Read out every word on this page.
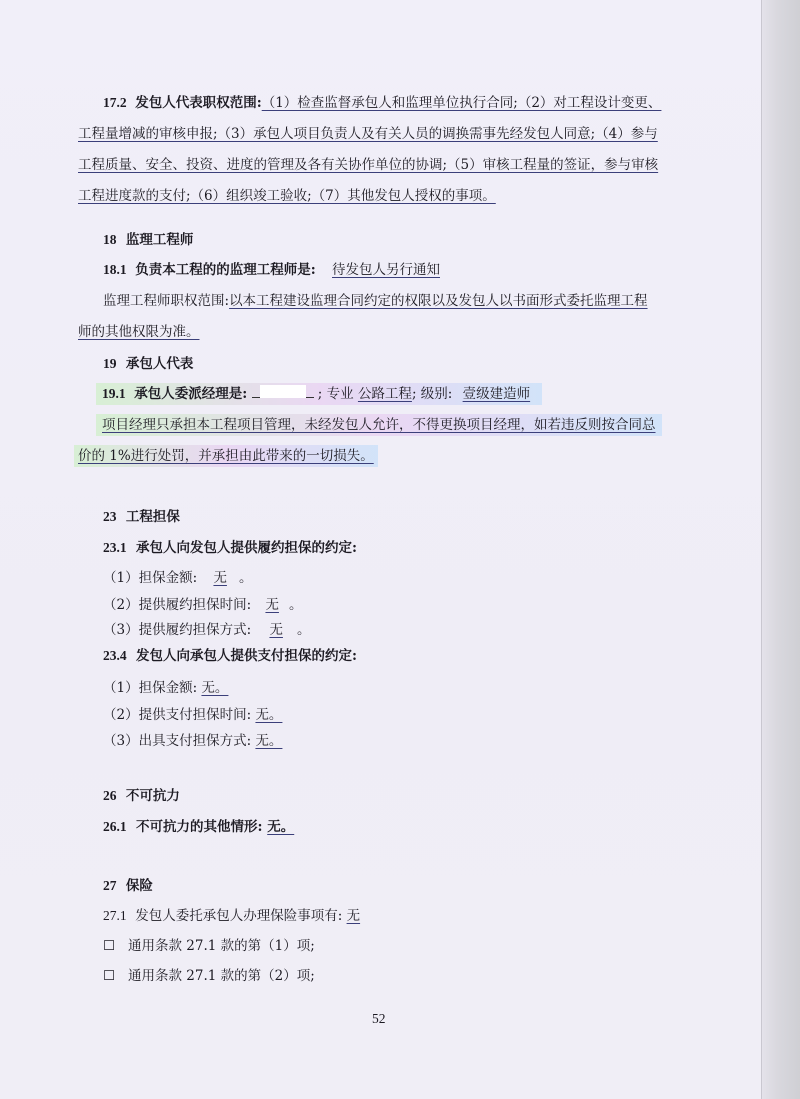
17.2 发包人代表职权范围:（1）检查监督承包人和监理单位执行合同;（2）对工程设计变更、
工程量增减的审核申报;（3）承包人项目负责人及有关人员的调换需事先经发包人同意;（4）参与
工程质量、安全、投资、进度的管理及各有关协作单位的协调;（5）审核工程量的签证，参与审核
工程进度款的支付;（6）组织竣工验收;（7）其他发包人授权的事项。
18 监理工程师
18.1 负责本工程的的监理工程师是: 待发包人另行通知
监理工程师职权范围:以本工程建设监理合同约定的权限以及发包人以书面形式委托监理工程
师的其他权限为准。
19 承包人代表
19.1 承包人委派经理是:	; 专业 公路工程; 级别: 壹级建造师
项目经理只承担本工程项目管理，未经发包人允许，不得更换项目经理，如若违反则按合同总
价的 1%进行处罚，并承担由此带来的一切损失。
23 工程担保
23.1 承包人向发包人提供履约担保的约定:
（1）担保金额: 无 。
（2）提供履约担保时间: 无 。
（3）提供履约担保方式: 无 。
23.4 发包人向承包人提供支付担保的约定:
（1）担保金额: 无。
（2）提供支付担保时间: 无。
（3）出具支付担保方式: 无。
26 不可抗力
26.1 不可抗力的其他情形: 无。
27 保险
27.1 发包人委托承包人办理保险事项有: 无
☐ 通用条款 27.1 款的第（1）项;
☐ 通用条款 27.1 款的第（2）项;
52
